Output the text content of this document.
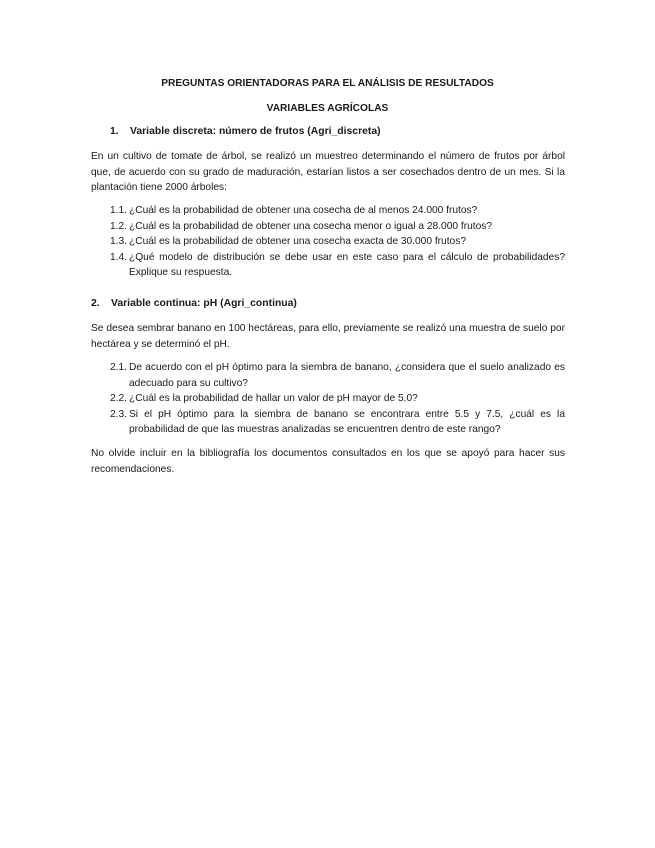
PREGUNTAS ORIENTADORAS PARA EL ANÁLISIS DE RESULTADOS
VARIABLES AGRÍCOLAS
1. Variable discreta: número de frutos (Agri_discreta)
En un cultivo de tomate de árbol, se realizó un muestreo determinando el número de frutos por árbol que, de acuerdo con su grado de maduración, estarían listos a ser cosechados dentro de un mes. Si la plantación tiene 2000 árboles:
1.1. ¿Cuál es la probabilidad de obtener una cosecha de al menos 24.000 frutos?
1.2. ¿Cuál es la probabilidad de obtener una cosecha menor o igual a 28.000 frutos?
1.3. ¿Cuál es la probabilidad de obtener una cosecha exacta de 30.000 frutos?
1.4. ¿Qué modelo de distribución se debe usar en este caso para el cálculo de probabilidades? Explique su respuesta.
2. Variable continua: pH (Agri_continua)
Se desea sembrar banano en 100 hectáreas, para ello, previamente se realizó una muestra de suelo por hectárea y se determinó el pH.
2.1. De acuerdo con el pH óptimo para la siembra de banano, ¿considera que el suelo analizado es adecuado para su cultivo?
2.2. ¿Cuál es la probabilidad de hallar un valor de pH mayor de 5.0?
2.3. Si el pH óptimo para la siembra de banano se encontrara entre 5.5 y 7.5, ¿cuál es la probabilidad de que las muestras analizadas se encuentren dentro de este rango?
No olvide incluir en la bibliografía los documentos consultados en los que se apoyó para hacer sus recomendaciones.
